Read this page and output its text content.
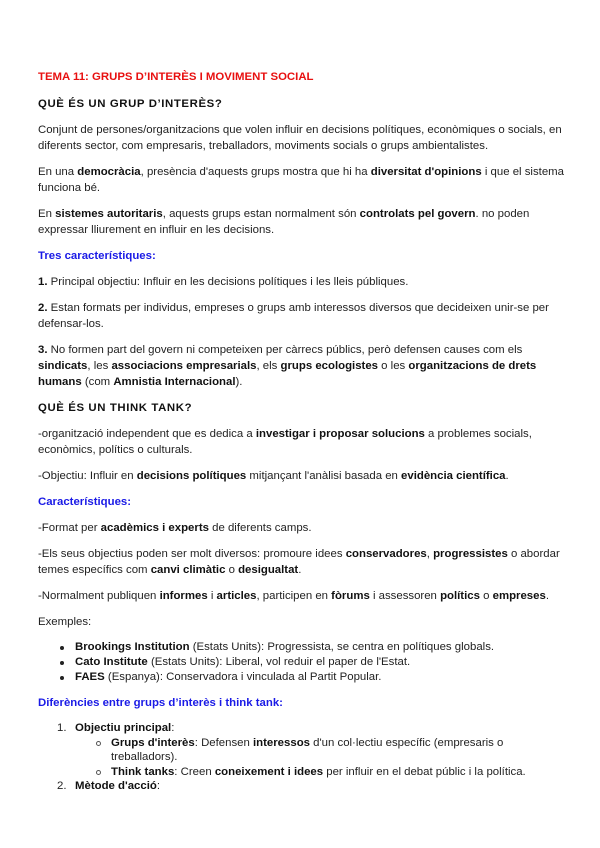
TEMA 11: GRUPS D’INTERÈS I MOVIMENT SOCIAL
QUÈ ÉS UN GRUP D’INTERÈS?
Conjunt de persones/organitzacions que volen influir en decisions polítiques, econòmiques o socials, en diferents sector, com empresaris, treballadors, moviments socials o grups ambientalistes.
En una democràcia, presència d'aquests grups mostra que hi ha diversitat d'opinions i que el sistema funciona bé.
En sistemes autoritaris, aquests grups estan normalment són controlats pel govern. no poden expressar lliurement en influir en les decisions.
Tres característiques:
1. Principal objectiu: Influir en les decisions polítiques i les lleis públiques.
2. Estan formats per individus, empreses o grups amb interessos diversos que decideixen unir-se per defensar-los.
3. No formen part del govern ni competeixen per càrrecs públics, però defensen causes com els sindicats, les associacions empresarials, els grups ecologistes o les organitzacions de drets humans (com Amnistia Internacional).
QUÈ ÉS UN THINK TANK?
-organització independent que es dedica a investigar i proposar solucions a problemes socials, econòmics, polítics o culturals.
-Objectiu: Influir en decisions polítiques mitjançant l'anàlisi basada en evidència científica.
Característiques:
-Format per acadèmics i experts de diferents camps.
-Els seus objectius poden ser molt diversos: promoure idees conservadores, progressistes o abordar temes específics com canvi climàtic o desigualtat.
-Normalment publiquen informes i articles, participen en fòrums i assessoren polítics o empreses.
Exemples:
Brookings Institution (Estats Units): Progressista, se centra en polítiques globals.
Cato Institute (Estats Units): Liberal, vol reduir el paper de l'Estat.
FAES (Espanya): Conservadora i vinculada al Partit Popular.
Diferències entre grups d’interès i think tank:
1. Objectiu principal:
Grups d'interès: Defensen interessos d'un col·lectiu específic (empresaris o treballadors).
Think tanks: Creen coneixement i idees per influir en el debat públic i la política.
2. Mètode d'acció:
